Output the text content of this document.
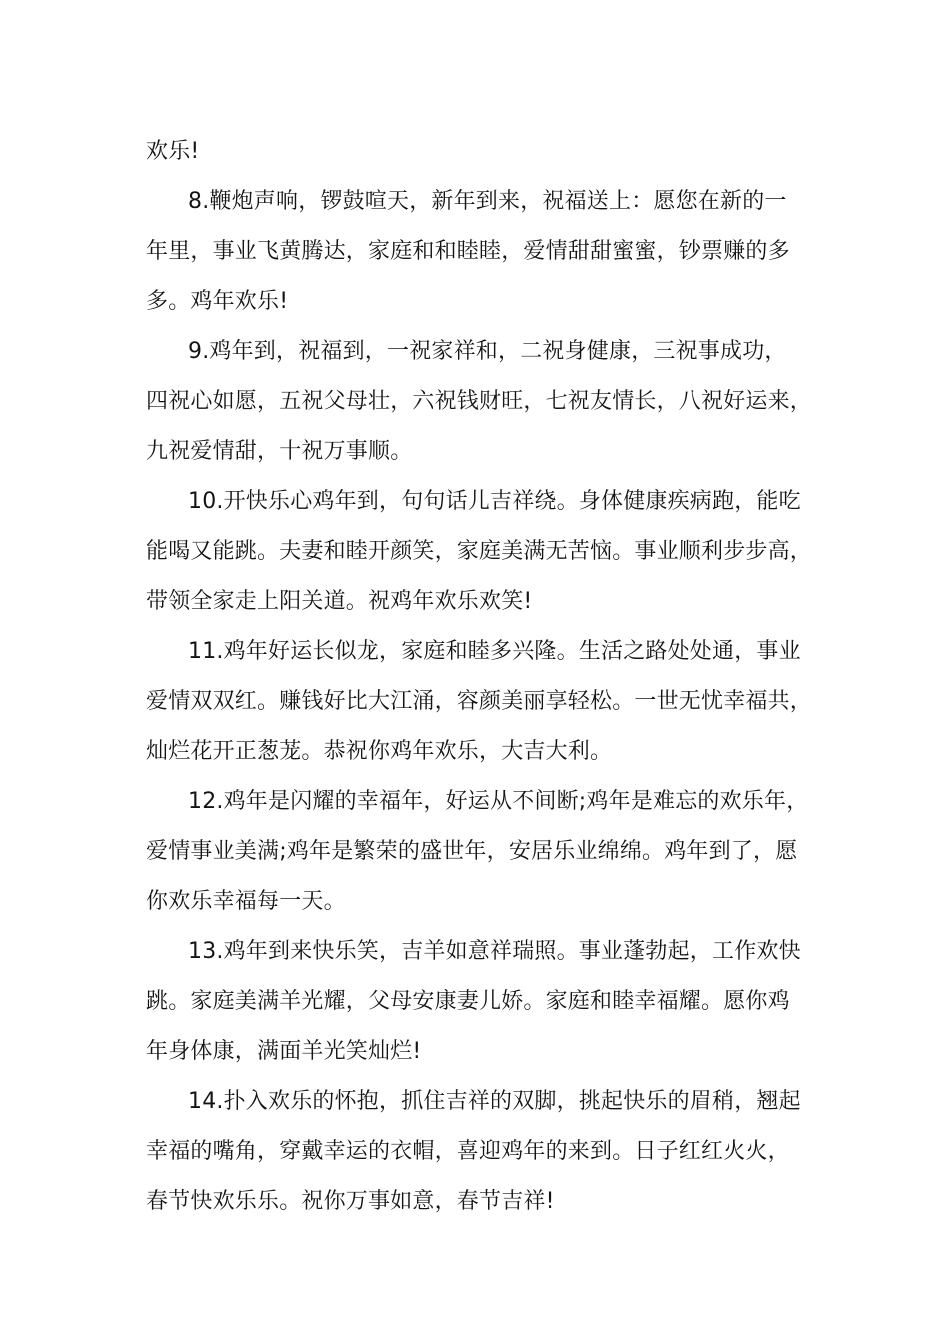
欢乐!
8.鞭炮声响，锣鼓喧天，新年到来，祝福送上：愿您在新的一
年里，事业飞黄腾达，家庭和和睦睦，爱情甜甜蜜蜜，钞票赚的多
多。鸡年欢乐!
9.鸡年到，祝福到，一祝家祥和，二祝身健康，三祝事成功，
四祝心如愿，五祝父母壮，六祝钱财旺，七祝友情长，八祝好运来，
九祝爱情甜，十祝万事顺。
10.开快乐心鸡年到，句句话儿吉祥绕。身体健康疾病跑，能吃
能喝又能跳。夫妻和睦开颜笑，家庭美满无苦恼。事业顺利步步高，
带领全家走上阳关道。祝鸡年欢乐欢笑!
11.鸡年好运长似龙，家庭和睦多兴隆。生活之路处处通，事业
爱情双双红。赚钱好比大江涌，容颜美丽享轻松。一世无忧幸福共，
灿烂花开正葱茏。恭祝你鸡年欢乐，大吉大利。
12.鸡年是闪耀的幸福年，好运从不间断;鸡年是难忘的欢乐年，
爱情事业美满;鸡年是繁荣的盛世年，安居乐业绵绵。鸡年到了，愿
你欢乐幸福每一天。
13.鸡年到来快乐笑，吉羊如意祥瑞照。事业蓬勃起，工作欢快
跳。家庭美满羊光耀，父母安康妻儿娇。家庭和睦幸福耀。愿你鸡
年身体康，满面羊光笑灿烂!
14.扑入欢乐的怀抱，抓住吉祥的双脚，挑起快乐的眉稍，翘起
幸福的嘴角，穿戴幸运的衣帽，喜迎鸡年的来到。日子红红火火，
春节快欢乐乐。祝你万事如意，春节吉祥!
